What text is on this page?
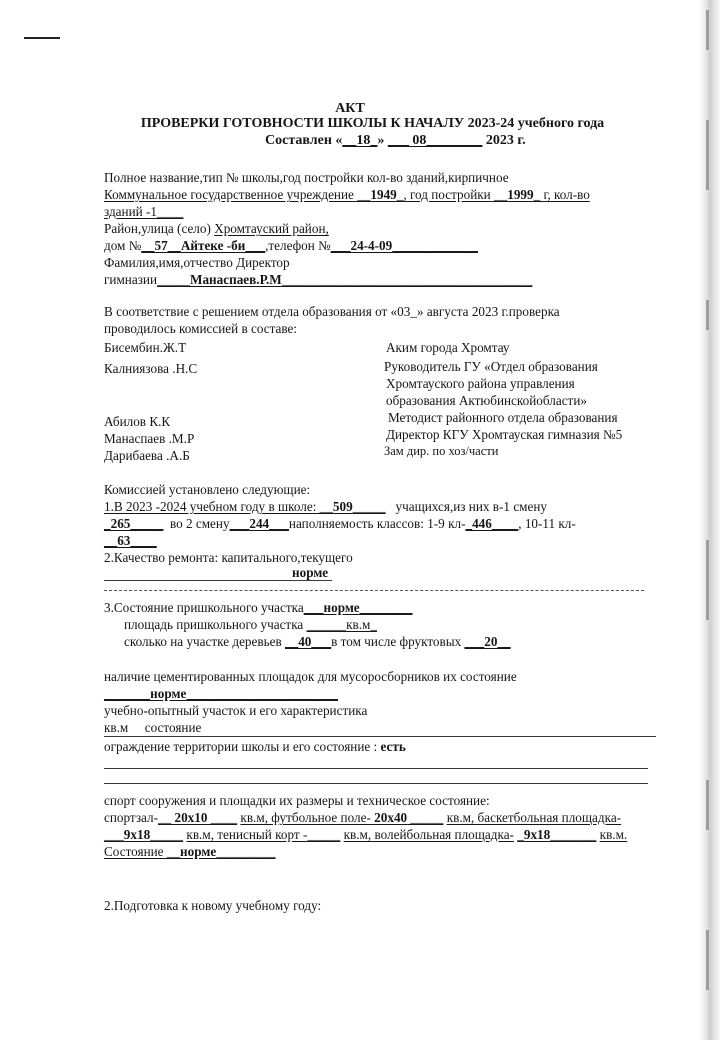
АКТ
ПРОВЕРКИ ГОТОВНОСТИ ШКОЛЫ К НАЧАЛУ 2023-24 учебного года
Составлен «__18_» ___ 08________ 2023 г.
Полное название,тип № школы,год постройки кол-во зданий,кирпичное
Коммунальное государственное учреждение __1949_, год постройки __1999_ г, кол-во
зданий -1____
Район,улица (село) Хромтауский район,
дом №__57__Айтеке -би___,телефон №___24-4-09_____________
Фамилия,имя,отчество Директор
гимназии_____Манаспаев.Р.М______________________________________
В соответствие с решением отдела образования от «03_» августа 2023 г.проверка
проводилось комиссией в составе:
Бисембин.Ж.Т	Аким города Хромтау
Калниязова .Н.С	Руководитель ГУ «Отдел образования
Хромтауского района управления
образования Актюбинскойобласти»
Абилов К.К	Методист районного отдела образования
Манаспаев .М.Р	Директор КГУ Хромтауская гимназия №5
Дарибаева .А.Б	Зам дир. по хоз/части
Комиссией установлено следующие:
1.В 2023 -2024 учебном году в школе: __509_____ учащихся,из них в-1 смену
_265_____ во 2 смену___244___наполняемость классов: 1-9 кл-_446____, 10-11 кл-
__63____
2.Качество ремонта: капитального,текущего
норме
3.Состояние пришкольного участка___норме________
площадь пришкольного участка ______кв.м_
сколько на участке деревьев __40___в том числе фруктовых ___20__
наличие цементированных площадок для мусоросборников их состояние
_______норме_______________________
учебно-опытный участок и его характеристика
кв.м состояние
ограждение территории школы и его состояние : есть
спорт сооружения и площадки их размеры и техническое состояние:
спортзал-__ 20x10 ____ кв.м, футбольное поле- 20x40 _____ кв.м, баскетбольная площадка-
___9x18_____ кв.м, тенисный корт -_____ кв.м, волейбольная площадка- _9x18_______ кв.м.
Состояние __норме_________
2.Подготовка к новому учебному году:
